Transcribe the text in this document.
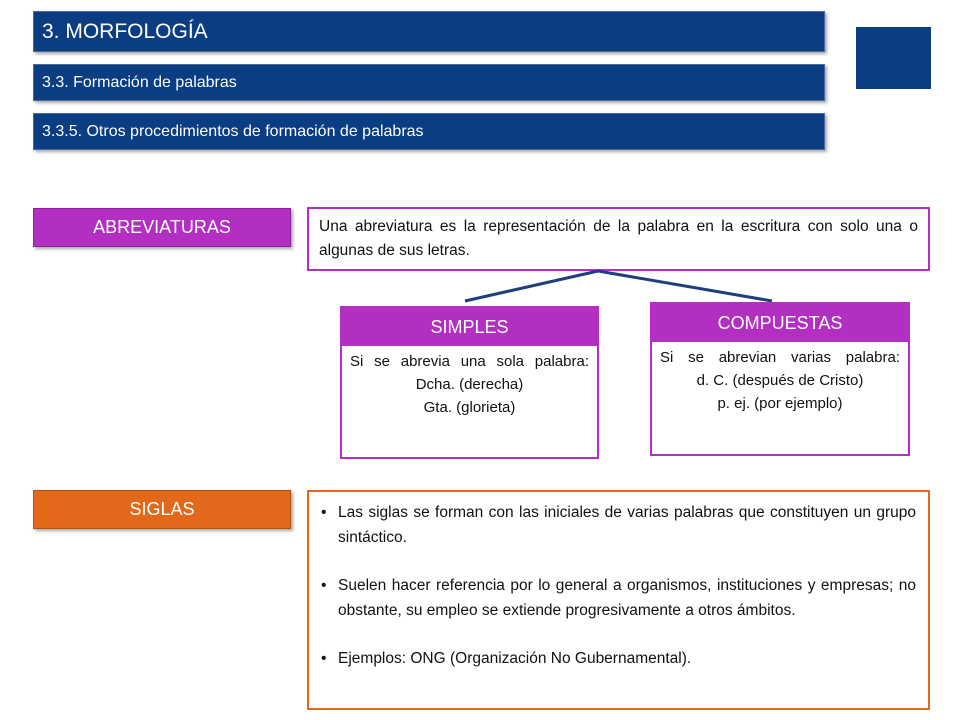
3. MORFOLOGÍA
3.3. Formación de palabras
3.3.5. Otros procedimientos de formación de palabras
ABREVIATURAS	Una abreviatura es la representación de la palabra en la escritura con solo una o algunas de sus letras.
SIMPLES
Si se abrevia una sola palabra:
Dcha. (derecha)
Gta. (glorieta)
COMPUESTAS
Si se abrevian varias palabra:
d. C. (después de Cristo)
p. ej. (por ejemplo)
SIGLAS
•	Las siglas se forman con las iniciales de varias palabras que constituyen un grupo sintáctico.
• Suelen hacer referencia por lo general a organismos, instituciones y empresas; no obstante, su empleo se extiende progresivamente a otros ámbitos.
• Ejemplos: ONG (Organización No Gubernamental).
